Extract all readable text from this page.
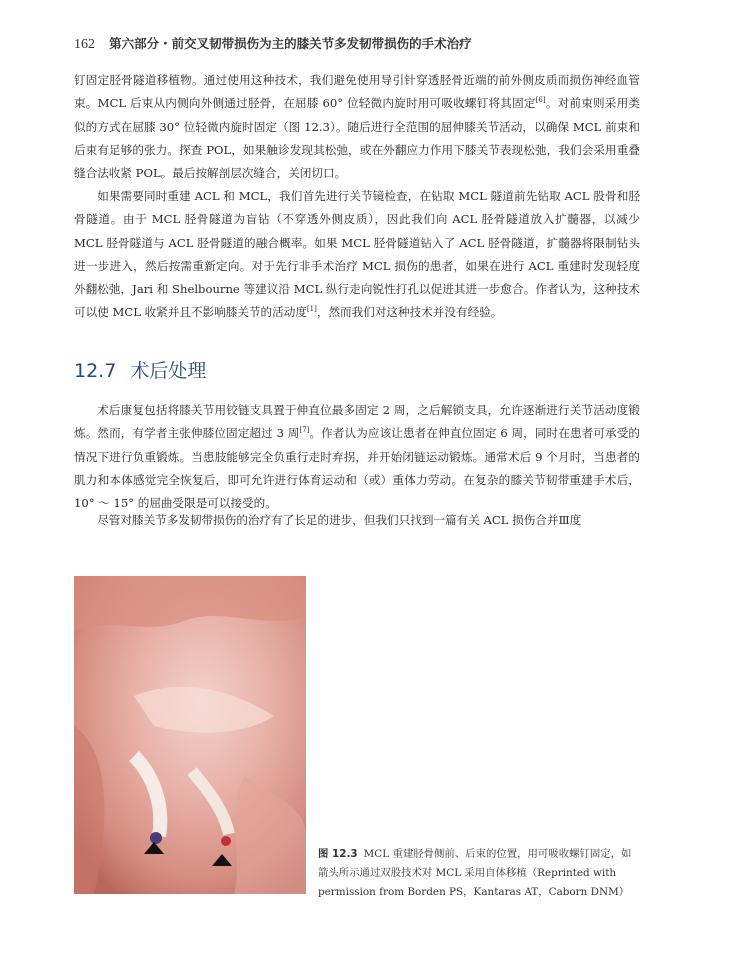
162 第六部分・前交叉韧带损伤为主的膝关节多发韧带损伤的手术治疗
钉固定胫骨隧道移植物。通过使用这种技术，我们避免使用导引针穿透胫骨近端的前外侧皮质而损伤神经血管束。MCL 后束从内侧向外侧通过胫骨，在屈膝 60° 位轻微内旋时用可吸收螺钉将其固定[6]。对前束则采用类似的方式在屈膝 30° 位轻微内旋时固定（图 12.3）。随后进行全范围的屈伸膝关节活动，以确保 MCL 前束和后束有足够的张力。探查 POL，如果触诊发现其松弛，或在外翻应力作用下膝关节表现松弛，我们会采用重叠缝合法收紧 POL。最后按解剖层次缝合，关闭切口。
如果需要同时重建 ACL 和 MCL，我们首先进行关节镜检查，在钻取 MCL 隧道前先钻取 ACL 股骨和胫骨隧道。由于 MCL 胫骨隧道为盲钻（不穿透外侧皮质），因此我们向 ACL 胫骨隧道放入扩髓器，以减少 MCL 胫骨隧道与 ACL 胫骨隧道的融合概率。如果 MCL 胫骨隧道钻入了 ACL 胫骨隧道，扩髓器将限制钻头进一步进入，然后按需重新定向。对于先行非手术治疗 MCL 损伤的患者，如果在进行 ACL 重建时发现轻度外翻松弛，Jari 和 Shelbourne 等建议沿 MCL 纵行走向锐性打孔以促进其进一步愈合。作者认为，这种技术可以使 MCL 收紧并且不影响膝关节的活动度[1]，然而我们对这种技术并没有经验。
12.7 术后处理
术后康复包括将膝关节用铰链支具置于伸直位最多固定 2 周，之后解锁支具，允许逐渐进行关节活动度锻炼。然而，有学者主张伸膝位固定超过 3 周[7]。作者认为应该让患者在伸直位固定 6 周，同时在患者可承受的情况下进行负重锻炼。当患肢能够完全负重行走时弃拐，并开始闭链运动锻炼。通常术后 9 个月时，当患者的肌力和本体感觉完全恢复后，即可允许进行体育运动和（或）重体力劳动。在复杂的膝关节韧带重建手术后，10° ～ 15° 的屈曲受限是可以接受的。
尽管对膝关节多发韧带损伤的治疗有了长足的进步，但我们只找到一篇有关 ACL 损伤合并Ⅲ度
图 12.3 MCL 重建胫骨侧前、后束的位置，用可吸收螺钉固定，如箭头所示通过双股技术对 MCL 采用自体移植（Reprinted with permission from Borden PS，Kantaras AT，Caborn DNM）
